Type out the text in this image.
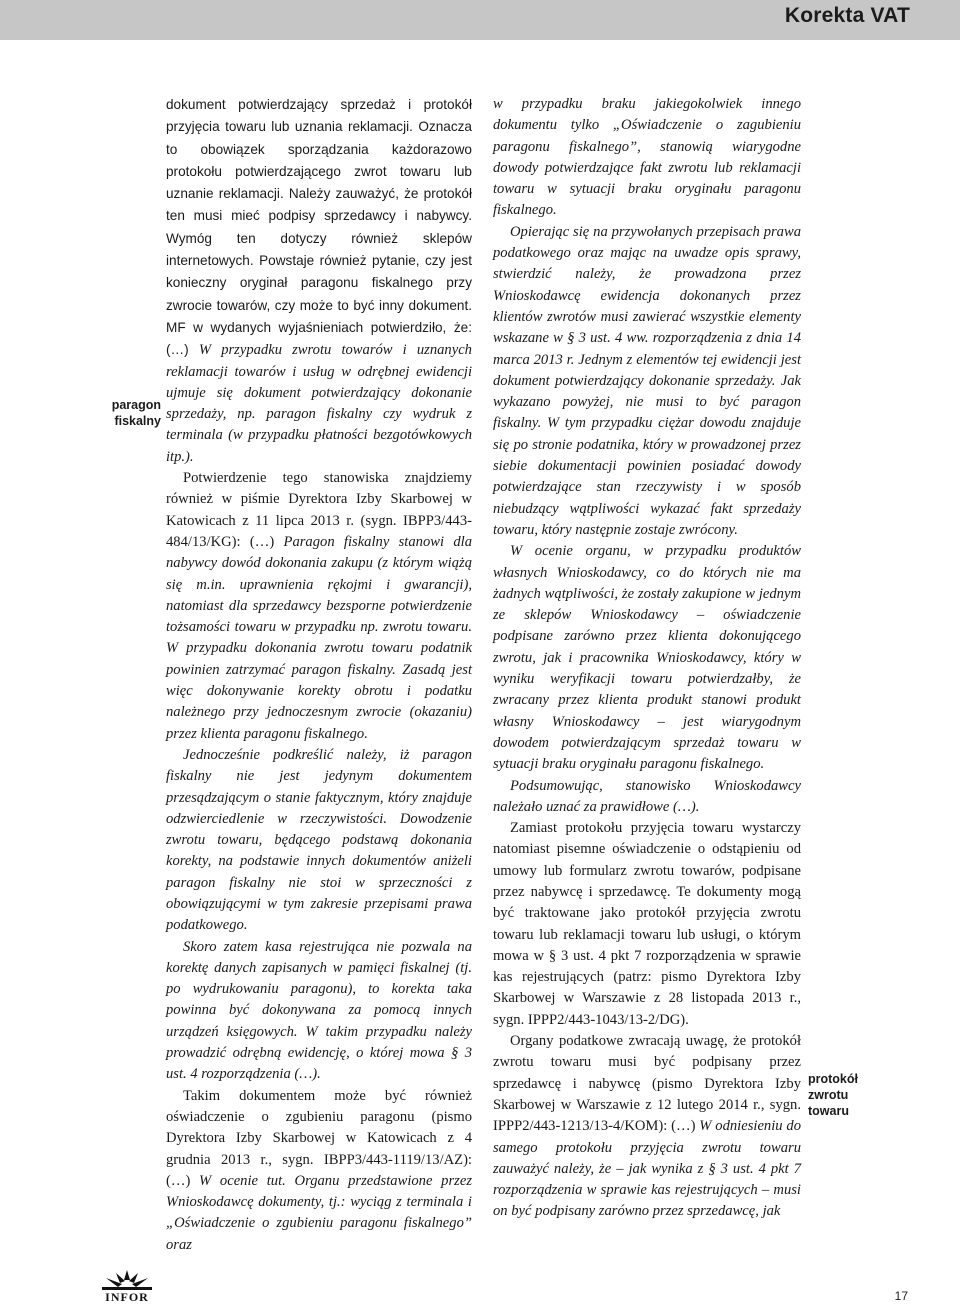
Korekta VAT
paragon
fiskalny

dokument potwierdzający sprzedaż i protokół przyjęcia towaru lub uznania reklamacji. Oznacza to obowiązek sporządzania każdorazowo protokołu potwierdzającego zwrot towaru lub uznanie reklamacji. Należy zauważyć, że protokół ten musi mieć podpisy sprzedawcy i nabywcy. Wymóg ten dotyczy również sklepów internetowych. Powstaje również pytanie, czy jest konieczny oryginał paragonu fiskalnego przy zwrocie towarów, czy może to być inny dokument. MF w wydanych wyjaśnieniach potwierdziło, że: (…) W przypadku zwrotu towarów i uznanych reklamacji towarów i usług w odrębnej ewidencji ujmuje się dokument potwierdzający dokonanie sprzedaży, np. paragon fiskalny czy wydruk z terminala (w przypadku płatności bezgotówkowych itp.).

Potwierdzenie tego stanowiska znajdziemy również w piśmie Dyrektora Izby Skarbowej w Katowicach z 11 lipca 2013 r. (sygn. IBPP3/443-484/13/KG): (…) Paragon fiskalny stanowi dla nabywcy dowód dokonania zakupu (z którym wiążą się m.in. uprawnienia rękojmi i gwarancji), natomiast dla sprzedawcy bezsporne potwierdzenie tożsamości towaru w przypadku np. zwrotu towaru. W przypadku dokonania zwrotu towaru podatnik powinien zatrzymać paragon fiskalny. Zasadą jest więc dokonywanie korekty obrotu i podatku należnego przy jednoczesnym zwrocie (okazaniu) przez klienta paragonu fiskalnego.

Jednocześnie podkreślić należy, iż paragon fiskalny nie jest jedynym dokumentem przesądzającym o stanie faktycznym, który znajduje odzwierciedlenie w rzeczywistości. Dowodzenie zwrotu towaru, będącego podstawą dokonania korekty, na podstawie innych dokumentów aniżeli paragon fiskalny nie stoi w sprzeczności z obowiązującymi w tym zakresie przepisami prawa podatkowego.

Skoro zatem kasa rejestrująca nie pozwala na korektę danych zapisanych w pamięci fiskalnej (tj. po wydrukowaniu paragonu), to korekta taka powinna być dokonywana za pomocą innych urządzeń księgowych. W takim przypadku należy prowadzić odrębną ewidencję, o której mowa § 3 ust. 4 rozporządzenia (…).

Takim dokumentem może być również oświadczenie o zgubieniu paragonu (pismo Dyrektora Izby Skarbowej w Katowicach z 4 grudnia 2013 r., sygn. IBPP3/443-1119/13/AZ): (…) W ocenie tut. Organu przedstawione przez Wnioskodawcę dokumenty, tj.: wyciąg z terminala i „Oświadczenie o zgubieniu paragonu fiskalnego” oraz

w przypadku braku jakiegokolwiek innego dokumentu tylko „Oświadczenie o zagubieniu paragonu fiskalnego”, stanowią wiarygodne dowody potwierdzające fakt zwrotu lub reklamacji towaru w sytuacji braku oryginału paragonu fiskalnego.

Opierając się na przywołanych przepisach prawa podatkowego oraz mając na uwadze opis sprawy, stwierdzić należy, że prowadzona przez Wnioskodawcę ewidencja dokonanych przez klientów zwrotów musi zawierać wszystkie elementy wskazane w § 3 ust. 4 ww. rozporządzenia z dnia 14 marca 2013 r. Jednym z elementów tej ewidencji jest dokument potwierdzający dokonanie sprzedaży. Jak wykazano powyżej, nie musi to być paragon fiskalny. W tym przypadku ciężar dowodu znajduje się po stronie podatnika, który w prowadzonej przez siebie dokumentacji powinien posiadać dowody potwierdzające stan rzeczywisty i w sposób niebudzący wątpliwości wykazać fakt sprzedaży towaru, który następnie zostaje zwrócony.

W ocenie organu, w przypadku produktów własnych Wnioskodawcy, co do których nie ma żadnych wątpliwości, że zostały zakupione w jednym ze sklepów Wnioskodawcy – oświadczenie podpisane zarówno przez klienta dokonującego zwrotu, jak i pracownika Wnioskodawcy, który w wyniku weryfikacji towaru potwierdzałby, że zwracany przez klienta produkt stanowi produkt własny Wnioskodawcy – jest wiarygodnym dowodem potwierdzającym sprzedaż towaru w sytuacji braku oryginału paragonu fiskalnego.

Podsumowując, stanowisko Wnioskodawcy należało uznać za prawidłowe (…).

Zamiast protokołu przyjęcia towaru wystarczy natomiast pisemne oświadczenie o odstąpieniu od umowy lub formularz zwrotu towarów, podpisane przez nabywcę i sprzedawcę. Te dokumenty mogą być traktowane jako protokół przyjęcia zwrotu towaru lub reklamacji towaru lub usługi, o którym mowa w § 3 ust. 4 pkt 7 rozporządzenia w sprawie kas rejestrujących (patrz: pismo Dyrektora Izby Skarbowej w Warszawie z 28 listopada 2013 r., sygn. IPPP2/443-1043/13-2/DG).

Organy podatkowe zwracają uwagę, że protokół zwrotu towaru musi być podpisany przez sprzedawcę i nabywcę (pismo Dyrektora Izby Skarbowej w Warszawie z 12 lutego 2014 r., sygn. IPPP2/443-1213/13-4/KOM): (…) W odniesieniu do samego protokołu przyjęcia zwrotu towaru zauważyć należy, że – jak wynika z § 3 ust. 4 pkt 7 rozporządzenia w sprawie kas rejestrujących – musi on być podpisany zarówno przez sprzedawcę, jak

protokół
zwrotu
towaru
INFOR	17
